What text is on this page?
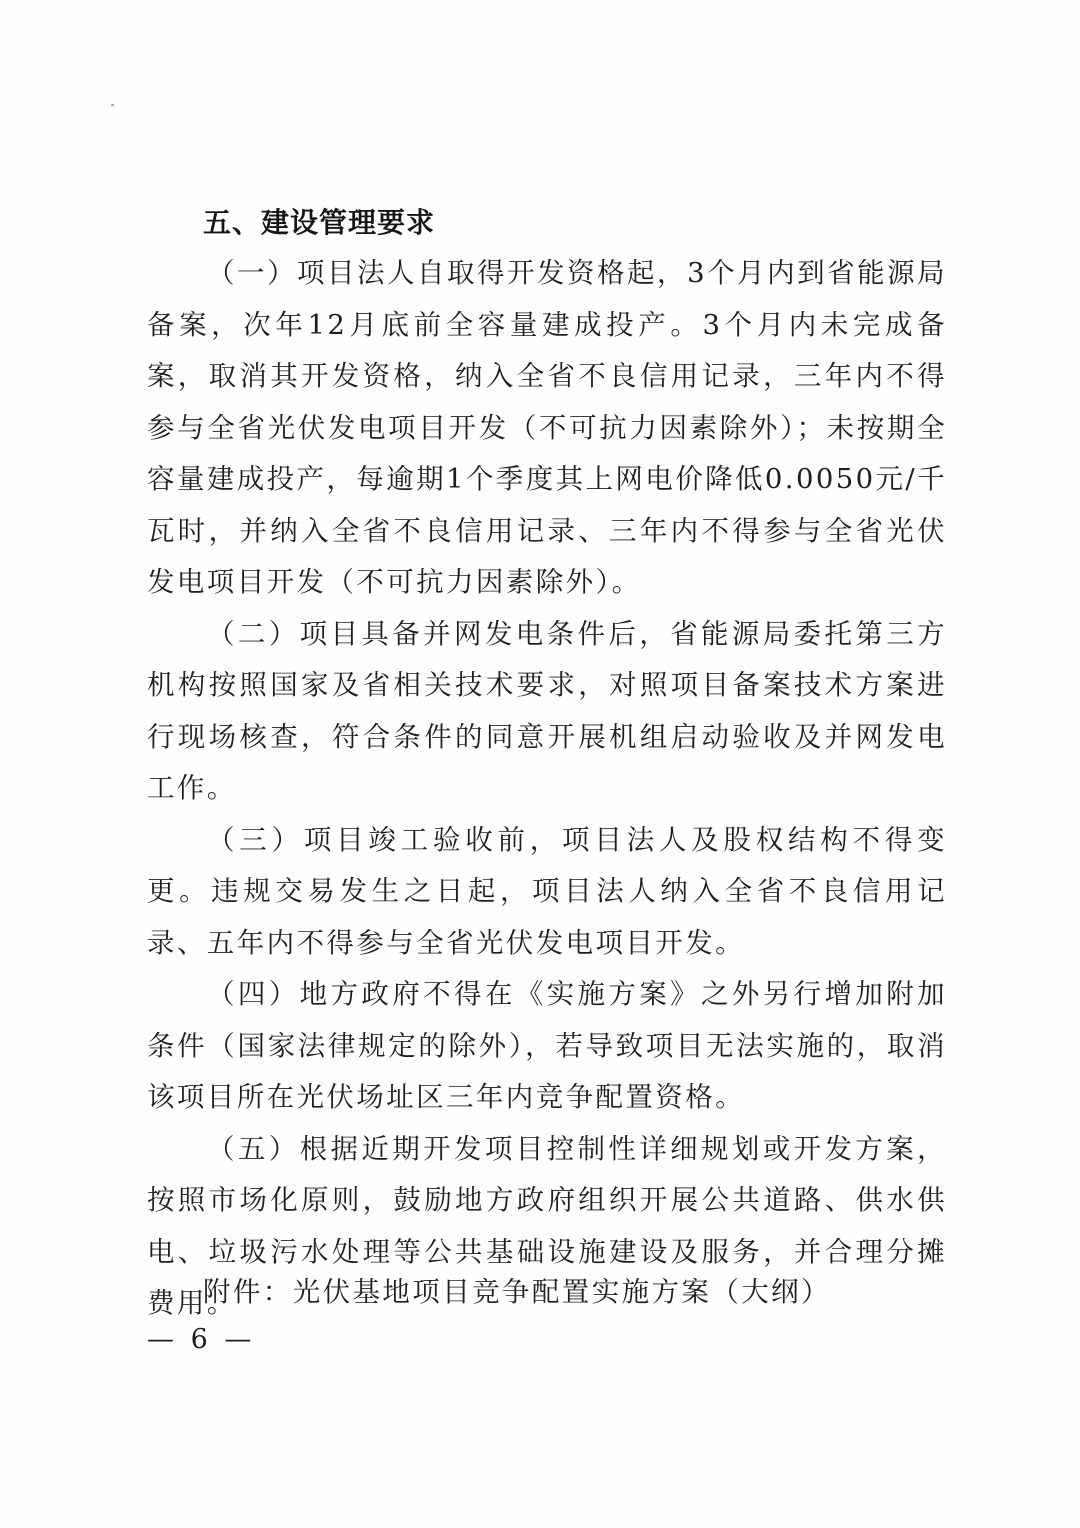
五、建设管理要求

（一）项目法人自取得开发资格起，3个月内到省能源局备案，次年12月底前全容量建成投产。3个月内未完成备案，取消其开发资格，纳入全省不良信用记录，三年内不得参与全省光伏发电项目开发（不可抗力因素除外）；未按期全容量建成投产，每逾期1个季度其上网电价降低0.0050元/千瓦时，并纳入全省不良信用记录、三年内不得参与全省光伏发电项目开发（不可抗力因素除外）。

（二）项目具备并网发电条件后，省能源局委托第三方机构按照国家及省相关技术要求，对照项目备案技术方案进行现场核查，符合条件的同意开展机组启动验收及并网发电工作。

（三）项目竣工验收前，项目法人及股权结构不得变更。违规交易发生之日起，项目法人纳入全省不良信用记录、五年内不得参与全省光伏发电项目开发。

（四）地方政府不得在《实施方案》之外另行增加附加条件（国家法律规定的除外），若导致项目无法实施的，取消该项目所在光伏场址区三年内竞争配置资格。

（五）根据近期开发项目控制性详细规划或开发方案，按照市场化原则，鼓励地方政府组织开展公共道路、供水供电、垃圾污水处理等公共基础设施建设及服务，并合理分摊费用。

附件：光伏基地项目竞争配置实施方案（大纲）

— 6 —
